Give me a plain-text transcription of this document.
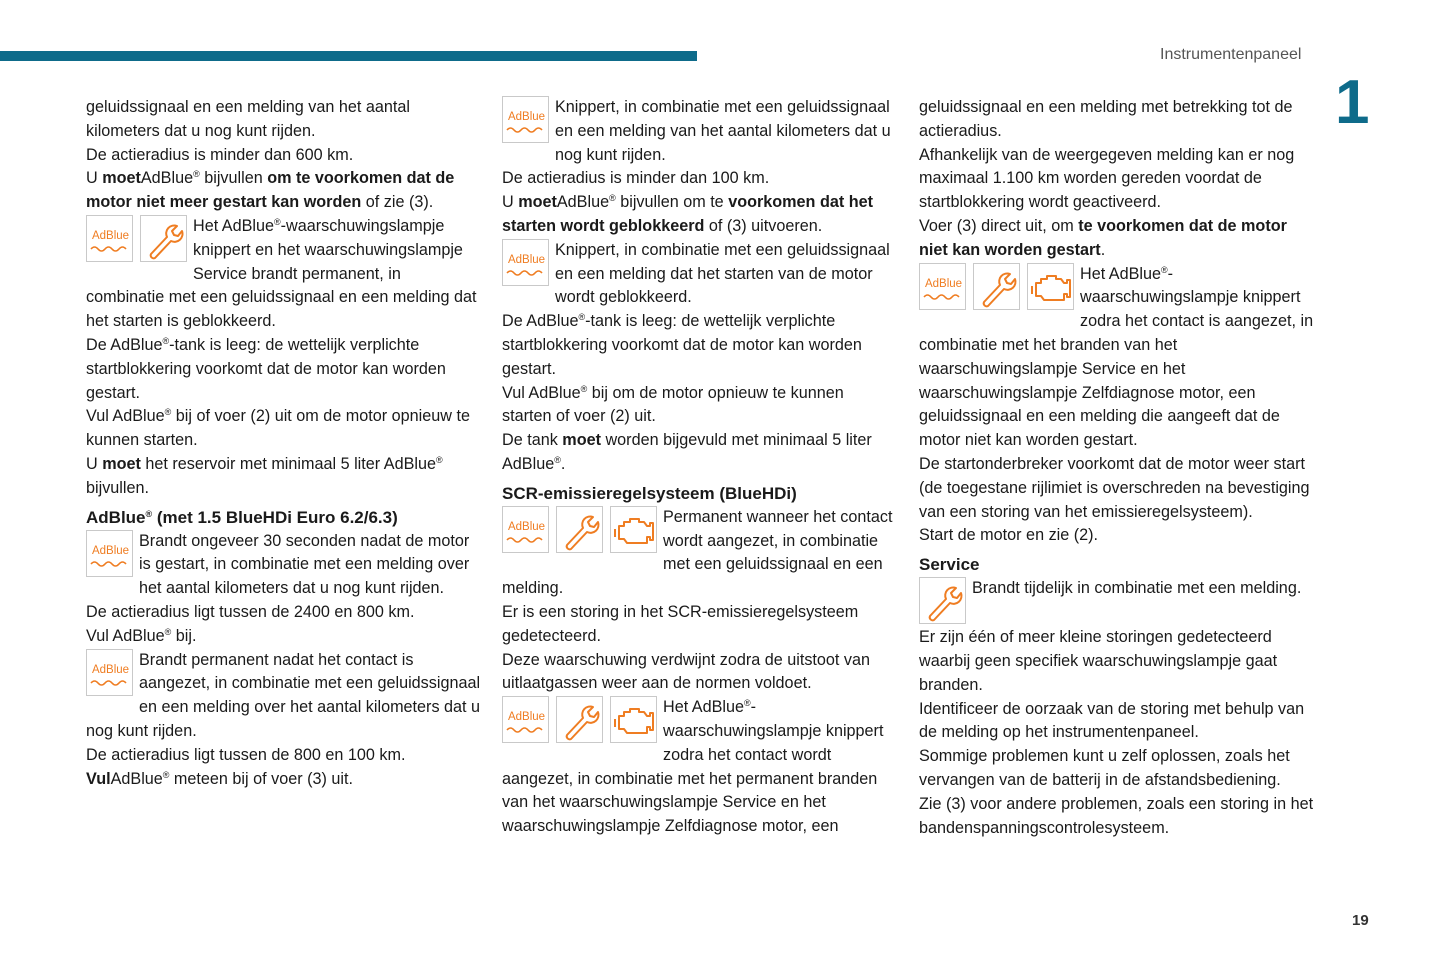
Instrumentenpaneel
1

geluidssignaal en een melding van het aantal kilometers dat u nog kunt rijden.

De actieradius is minder dan 600 km.

U moetAdBlue® bijvullen om te voorkomen dat de motor niet meer gestart kan worden of zie (3).

AdBlue

Het AdBlue®-waarschuwingslampje knippert en het waarschuwingslampje Service brandt permanent, in combinatie met een geluidssignaal en een melding dat het starten is geblokkeerd.

De AdBlue®-tank is leeg: de wettelijk verplichte startblokkering voorkomt dat de motor kan worden gestart.

Vul AdBlue® bij of voer (2) uit om de motor opnieuw te kunnen starten.

U moet het reservoir met minimaal 5 liter AdBlue® bijvullen.

AdBlue® (met 1.5 BlueHDi Euro 6.2/6.3)
AdBlue

Brandt ongeveer 30 seconden nadat de motor is gestart, in combinatie met een melding over het aantal kilometers dat u nog kunt rijden.

De actieradius ligt tussen de 2400 en 800 km.

Vul AdBlue® bij.

AdBlue

Brandt permanent nadat het contact is aangezet, in combinatie met een geluidssignaal en een melding over het aantal kilometers dat u nog kunt rijden.

De actieradius ligt tussen de 800 en 100 km.

VulAdBlue® meteen bij of voer (3) uit.

AdBlue

Knippert, in combinatie met een geluidssignaal en een melding van het aantal kilometers dat u nog kunt rijden.

De actieradius is minder dan 100 km.

U moetAdBlue® bijvullen om te voorkomen dat het starten wordt geblokkeerd of (3) uitvoeren.

AdBlue

Knippert, in combinatie met een geluidssignaal en een melding dat het starten van de motor wordt geblokkeerd.

De AdBlue®-tank is leeg: de wettelijk verplichte startblokkering voorkomt dat de motor kan worden gestart.

Vul AdBlue® bij om de motor opnieuw te kunnen starten of voer (2) uit.

De tank moet worden bijgevuld met minimaal 5 liter AdBlue®.

SCR-emissieregelsysteem (BlueHDi)
AdBlue

Permanent wanneer het contact wordt aangezet, in combinatie met een geluidssignaal en een melding.

Er is een storing in het SCR-emissieregelsysteem gedetecteerd.

Deze waarschuwing verdwijnt zodra de uitstoot van uitlaatgassen weer aan de normen voldoet.

AdBlue

Het AdBlue®-waarschuwingslampje knippert zodra het contact wordt aangezet, in combinatie met het permanent branden van het waarschuwingslampje Service en het waarschuwingslampje Zelfdiagnose motor, een

geluidssignaal en een melding met betrekking tot de actieradius.

Afhankelijk van de weergegeven melding kan er nog maximaal 1.100 km worden gereden voordat de startblokkering wordt geactiveerd.

Voer (3) direct uit, om te voorkomen dat de motor niet kan worden gestart.

AdBlue

Het AdBlue®-waarschuwingslampje knippert zodra het contact is aangezet, in combinatie met het branden van het waarschuwingslampje Service en het waarschuwingslampje Zelfdiagnose motor, een geluidssignaal en een melding die aangeeft dat de motor niet kan worden gestart.

De startonderbreker voorkomt dat de motor weer start (de toegestane rijlimiet is overschreden na bevestiging van een storing van het emissieregelsysteem).

Start de motor en zie (2).

Service

Brandt tijdelijk in combinatie met een melding.

Er zijn één of meer kleine storingen gedetecteerd waarbij geen specifiek waarschuwingslampje gaat branden.

Identificeer de oorzaak van de storing met behulp van de melding op het instrumentenpaneel.

Sommige problemen kunt u zelf oplossen, zoals het vervangen van de batterij in de afstandsbediening.

Zie (3) voor andere problemen, zoals een storing in het bandenspanningscontrolesysteem.

19
